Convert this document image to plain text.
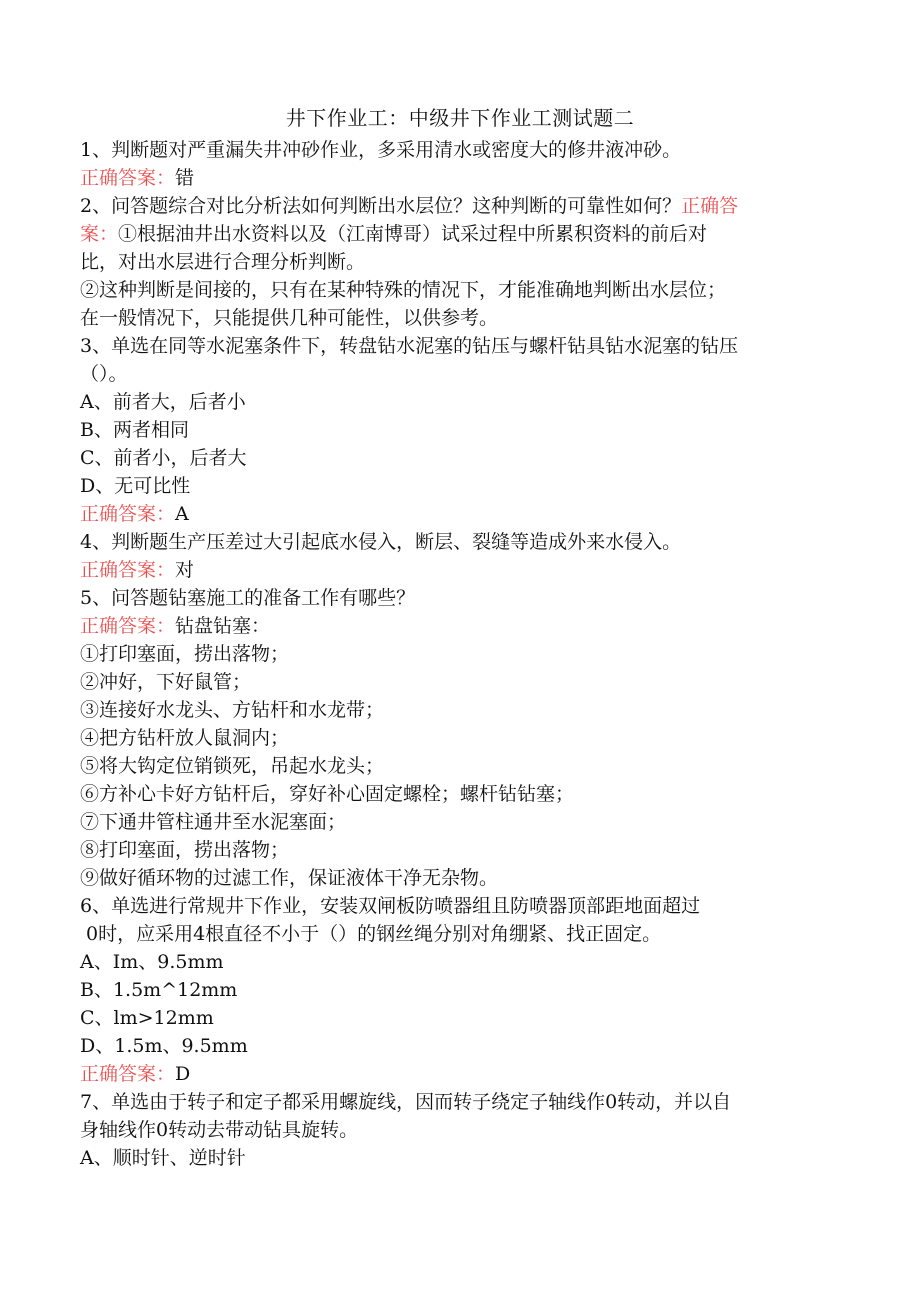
井下作业工：中级井下作业工测试题二
1、判断题对严重漏失井冲砂作业，多采用清水或密度大的修井液冲砂。
正确答案：错
2、问答题综合对比分析法如何判断出水层位？这种判断的可靠性如何？正确答
案：①根据油井出水资料以及（江南博哥）试采过程中所累积资料的前后对
比，对出水层进行合理分析判断。
②这种判断是间接的，只有在某种特殊的情况下，才能准确地判断出水层位；
在一般情况下，只能提供几种可能性，以供参考。
3、单选在同等水泥塞条件下，转盘钻水泥塞的钻压与螺杆钻具钻水泥塞的钻压
（）。
A、前者大，后者小
B、两者相同
C、前者小，后者大
D、无可比性
正确答案：A
4、判断题生产压差过大引起底水侵入，断层、裂缝等造成外来水侵入。
正确答案：对
5、问答题钻塞施工的准备工作有哪些？
正确答案：钻盘钻塞：
①打印塞面，捞出落物；
②冲好，下好鼠管；
③连接好水龙头、方钻杆和水龙带；
④把方钻杆放人鼠洞内；
⑤将大钩定位销锁死，吊起水龙头；
⑥方补心卡好方钻杆后，穿好补心固定螺栓；螺杆钻钻塞；
⑦下通井管柱通井至水泥塞面；
⑧打印塞面，捞出落物；
⑨做好循环物的过滤工作，保证液体干净无杂物。
6、单选进行常规井下作业，安装双闸板防喷器组且防喷器顶部距地面超过
0时，应采用4根直径不小于（）的钢丝绳分别对角绷紧、找正固定。
A、Im、9.5mm
B、1.5m^12mm
C、lm>12mm
D、1.5m、9.5mm
正确答案：D
7、单选由于转子和定子都采用螺旋线，因而转子绕定子轴线作0转动，并以自
身轴线作0转动去带动钻具旋转。
A、顺时针、逆时针
